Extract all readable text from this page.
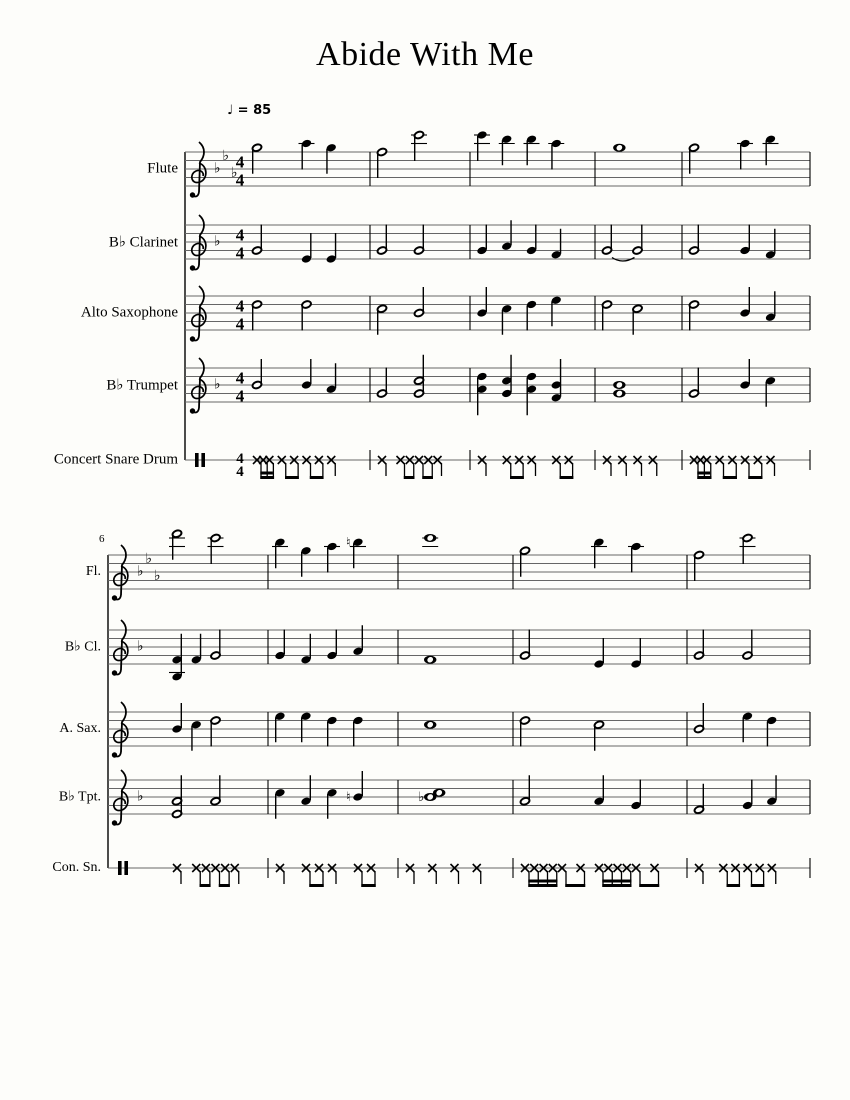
Abide With Me
♩ = 85
6
♭
♭
♭
4
4
♭ 4
4
4
4
♭ 4
4
4
4
♭
♭
♭
♮
♭
♭	♮	♭
Flute
B♭ Clarinet
Alto Saxophone
B♭ Trumpet
Concert Snare Drum
Fl.
B♭ Cl.
A. Sax.
B♭ Tpt.
Con. Sn.
